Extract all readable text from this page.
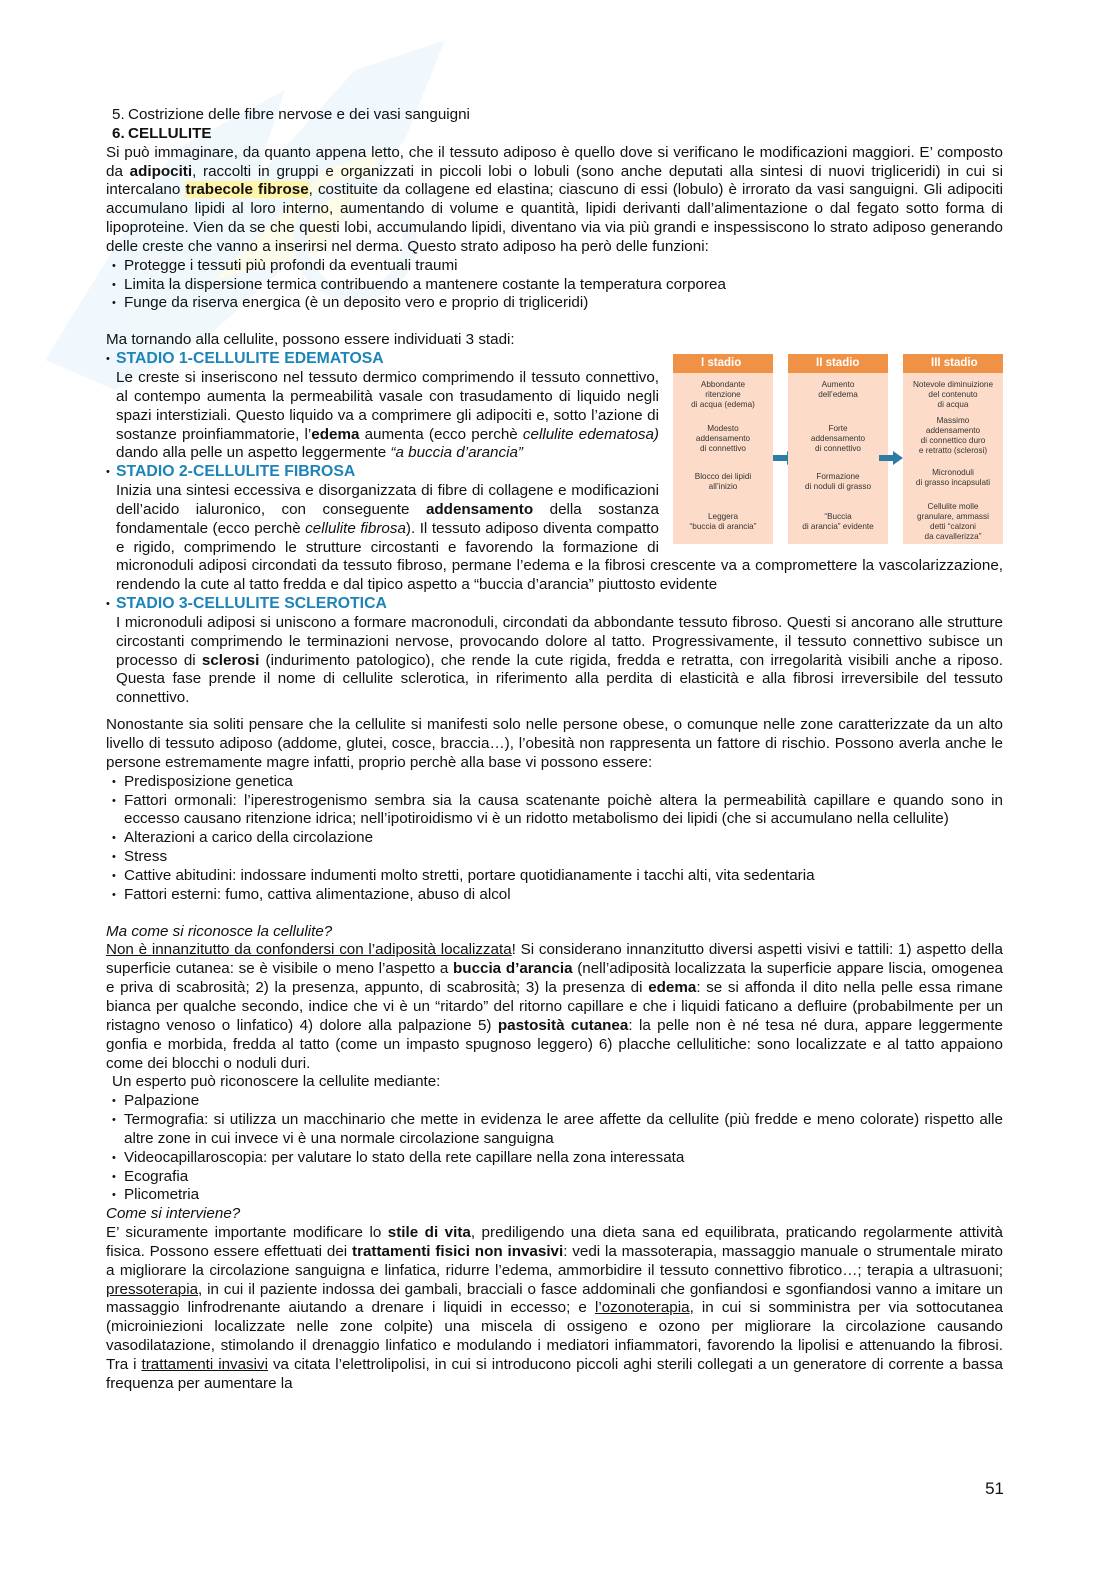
5. Costrizione delle fibre nervose e dei vasi sanguigni

6. CELLULITE

Si può immaginare, da quanto appena letto, che il tessuto adiposo è quello dove si verificano le modificazioni maggiori. E’ composto da adipociti, raccolti in gruppi e organizzati in piccoli lobi o lobuli (sono anche deputati alla sintesi di nuovi trigliceridi) in cui si intercalano trabecole fibrose, costituite da collagene ed elastina; ciascuno di essi (lobulo) è irrorato da vasi sanguigni. Gli adipociti accumulano lipidi al loro interno, aumentando di volume e quantità, lipidi derivanti dall’alimentazione o dal fegato sotto forma di lipoproteine. Vien da se che questi lobi, accumulando lipidi, diventano via via più grandi e inspessiscono lo strato adiposo generando delle creste che vanno a inserirsi nel derma. Questo strato adiposo ha però delle funzioni:

• Protegge i tessuti più profondi da eventuali traumi
• Limita la dispersione termica contribuendo a mantenere costante la temperatura corporea
• Funge da riserva energica (è un deposito vero e proprio di trigliceridi)

Ma tornando alla cellulite, possono essere individuati 3 stadi:

I stadio
Abbondante
ritenzione
di acqua (edema)
Modesto
addensamento
di connettivo
Blocco dei lipidi
all’inizio
Leggera
“buccia di arancia”
II stadio
Aumento
dell’edema
Forte
addensamento
di connettivo
Formazione
di noduli di grasso
“Buccia
di arancia” evidente
III stadio
Notevole diminuizione
del contenuto
di acqua
Massimo
addensamento
di connettico duro
e retratto (sclerosi)
Micronoduli
di grasso incapsulati
Cellulite molle
granulare, ammassi
detti “calzoni
da cavallerizza”
• STADIO 1-CELLULITE EDEMATOSA

Le creste si inseriscono nel tessuto dermico comprimendo il tessuto connettivo, al contempo aumenta la permeabilità vasale con trasudamento di liquido negli spazi interstiziali. Questo liquido va a comprimere gli adipociti e, sotto l’azione di sostanze proinfiammatorie, l’edema aumenta (ecco perchè cellulite edematosa) dando alla pelle un aspetto leggermente “a buccia d’arancia”

• STADIO 2-CELLULITE FIBROSA

Inizia una sintesi eccessiva e disorganizzata di fibre di collagene e modificazioni dell’acido ialuronico, con conseguente addensamento della sostanza fondamentale (ecco perchè cellulite fibrosa). Il tessuto adiposo diventa compatto e rigido, comprimendo le strutture circostanti e favorendo la formazione di micronoduli adiposi circondati da tessuto fibroso, permane l’edema e la fibrosi crescente va a compromettere la vascolarizzazione, rendendo la cute al tatto fredda e dal tipico aspetto a “buccia d’arancia” piuttosto evidente

• STADIO 3-CELLULITE SCLEROTICA

I micronoduli adiposi si uniscono a formare macronoduli, circondati da abbondante tessuto fibroso. Questi si ancorano alle strutture circostanti comprimendo le terminazioni nervose, provocando dolore al tatto. Progressivamente, il tessuto connettivo subisce un processo di sclerosi (indurimento patologico), che rende la cute rigida, fredda e retratta, con irregolarità visibili anche a riposo. Questa fase prende il nome di cellulite sclerotica, in riferimento alla perdita di elasticità e alla fibrosi irreversibile del tessuto connettivo.

Nonostante sia soliti pensare che la cellulite si manifesti solo nelle persone obese, o comunque nelle zone caratterizzate da un alto livello di tessuto adiposo (addome, glutei, cosce, braccia…), l’obesità non rappresenta un fattore di rischio. Possono averla anche le persone estremamente magre infatti, proprio perchè alla base vi possono essere:

• Predisposizione genetica
• Fattori ormonali: l’iperestrogenismo sembra sia la causa scatenante poichè altera la permeabilità capillare e quando sono in eccesso causano ritenzione idrica; nell’ipotiroidismo vi è un ridotto metabolismo dei lipidi (che si accumulano nella cellulite)
• Alterazioni a carico della circolazione
• Stress
• Cattive abitudini: indossare indumenti molto stretti, portare quotidianamente i tacchi alti, vita sedentaria
• Fattori esterni: fumo, cattiva alimentazione, abuso di alcol

Ma come si riconosce la cellulite?

Non è innanzitutto da confondersi con l’adiposità localizzata! Si considerano innanzitutto diversi aspetti visivi e tattili: 1) aspetto della superficie cutanea: se è visibile o meno l’aspetto a buccia d’arancia (nell’adiposità localizzata la superficie appare liscia, omogenea e priva di scabrosità; 2) la presenza, appunto, di scabrosità; 3) la presenza di edema: se si affonda il dito nella pelle essa rimane bianca per qualche secondo, indice che vi è un “ritardo” del ritorno capillare e che i liquidi faticano a defluire (probabilmente per un ristagno venoso o linfatico) 4) dolore alla palpazione 5) pastosità cutanea: la pelle non è né tesa né dura, appare leggermente gonfia e morbida, fredda al tatto (come un impasto spugnoso leggero) 6) placche cellulitiche: sono localizzate e al tatto appaiono come dei blocchi o noduli duri.

Un esperto può riconoscere la cellulite mediante:

• Palpazione
• Termografia: si utilizza un macchinario che mette in evidenza le aree affette da cellulite (più fredde e meno colorate) rispetto alle altre zone in cui invece vi è una normale circolazione sanguigna
• Videocapillaroscopia: per valutare lo stato della rete capillare nella zona interessata
• Ecografia
• Plicometria

Come si interviene?

E’ sicuramente importante modificare lo stile di vita, prediligendo una dieta sana ed equilibrata, praticando regolarmente attività fisica. Possono essere effettuati dei trattamenti fisici non invasivi: vedi la massoterapia, massaggio manuale o strumentale mirato a migliorare la circolazione sanguigna e linfatica, ridurre l’edema, ammorbidire il tessuto connettivo fibrotico…; terapia a ultrasuoni; pressoterapia, in cui il paziente indossa dei gambali, bracciali o fasce addominali che gonfiandosi e sgonfiandosi vanno a imitare un massaggio linfrodrenante aiutando a drenare i liquidi in eccesso; e l’ozonoterapia, in cui si somministra per via sottocutanea (microiniezioni localizzate nelle zone colpite) una miscela di ossigeno e ozono per migliorare la circolazione causando vasodilatazione, stimolando il drenaggio linfatico e modulando i mediatori infiammatori, favorendo la lipolisi e attenuando la fibrosi. Tra i trattamenti invasivi va citata l’elettrolipolisi, in cui si introducono piccoli aghi sterili collegati a un generatore di corrente a bassa frequenza per aumentare la

51
